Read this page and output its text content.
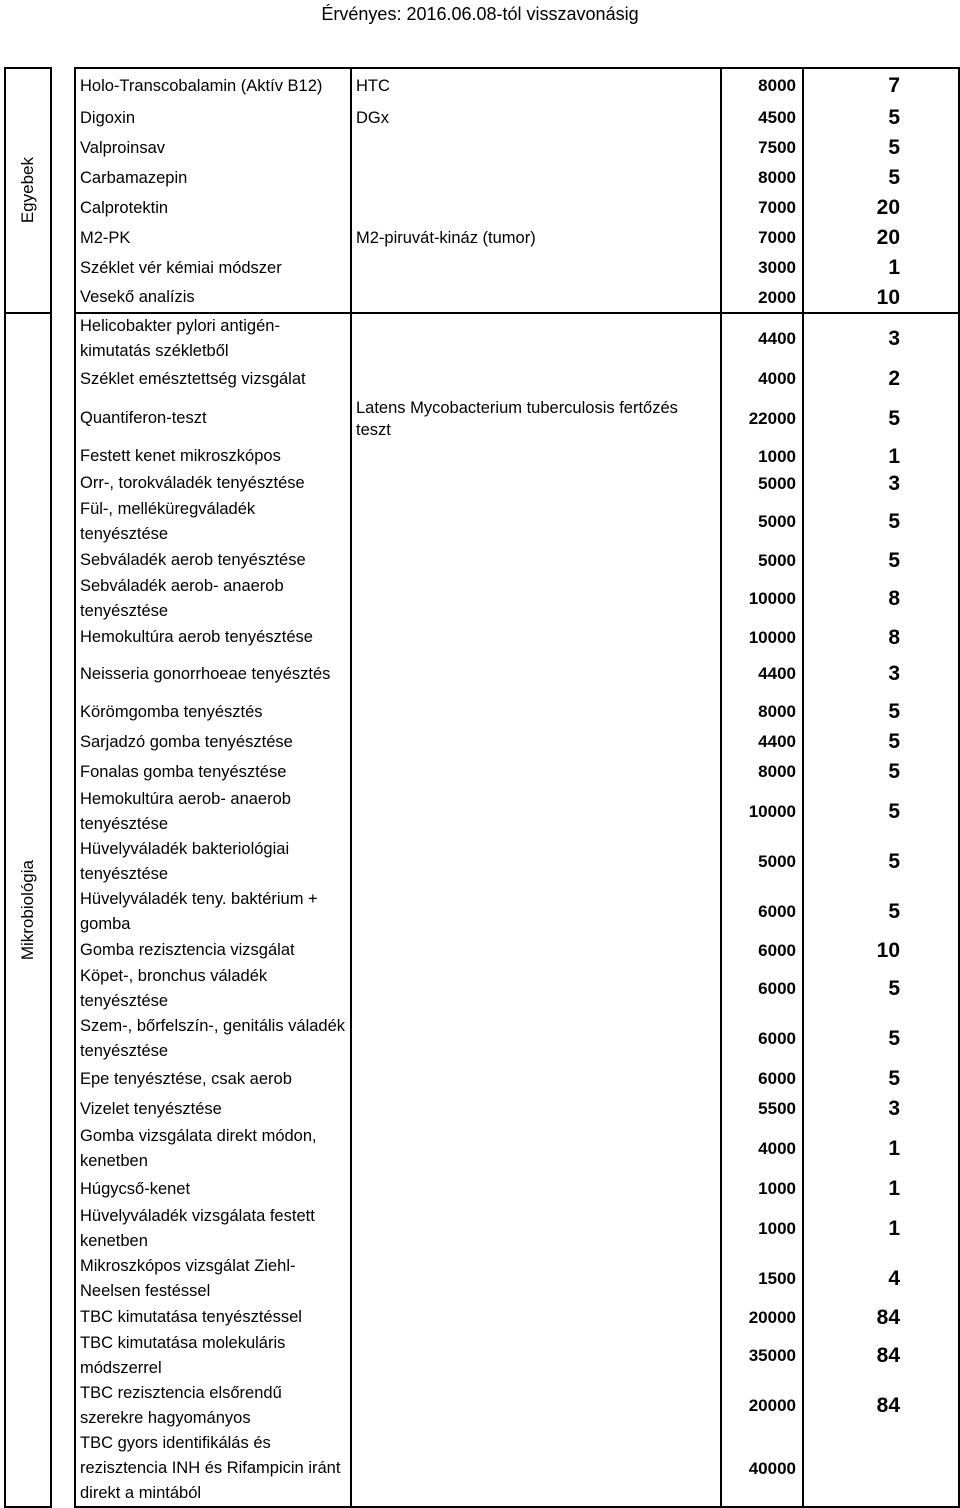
Érvényes: 2016.06.08-tól visszavonásig
Egyebek		Holo-Transcobalamin (Aktív B12)	HTC	8000	7
		Digoxin	DGx	4500	5
		Valproinsav		7500	5
		Carbamazepin		8000	5
		Calprotektin		7000	20
		M2-PK	M2-piruvát-kináz (tumor)	7000	20
		Széklet vér kémiai módszer		3000	1
		Vesekő analízis		2000	10

Mikrobiológia		Helicobakter pylori antigén-kimutatás székletből		4400	3
		Széklet emésztettség vizsgálat		4000	2
		Quantiferon-teszt	Latens Mycobacterium tuberculosis fertőzés teszt	22000	5
		Festett kenet mikroszkópos		1000	1
		Orr-, torokváladék tenyésztése		5000	3
		Fül-, melléküregváladék tenyésztése		5000	5
		Sebváladék aerob tenyésztése		5000	5
		Sebváladék aerob- anaerob tenyésztése		10000	8
		Hemokultúra aerob tenyésztése		10000	8
		Neisseria gonorrhoeae tenyésztés		4400	3
		Körömgomba tenyésztés		8000	5
		Sarjadzó gomba tenyésztése		4400	5
		Fonalas gomba tenyésztése		8000	5
		Hemokultúra aerob- anaerob tenyésztése		10000	5
		Hüvelyváladék bakteriológiai tenyésztése		5000	5
		Hüvelyváladék teny. baktérium + gomba		6000	5
		Gomba rezisztencia vizsgálat		6000	10
		Köpet-, bronchus váladék tenyésztése		6000	5
		Szem-, bőrfelszín-, genitális váladék tenyésztése		6000	5
		Epe tenyésztése, csak aerob		6000	5
		Vizelet tenyésztése		5500	3
		Gomba vizsgálata direkt módon, kenetben		4000	1
		Húgycső-kenet		1000	1
		Hüvelyváladék vizsgálata festett kenetben		1000	1
		Mikroszkópos vizsgálat Ziehl-Neelsen festéssel		1500	4
		TBC kimutatása tenyésztéssel		20000	84
		TBC kimutatása molekuláris módszerrel		35000	84
		TBC rezisztencia elsőrendű szerekre hagyományos		20000	84
		TBC gyors identifikálás és rezisztencia INH és Rifampicin iránt direkt a mintából		40000	
